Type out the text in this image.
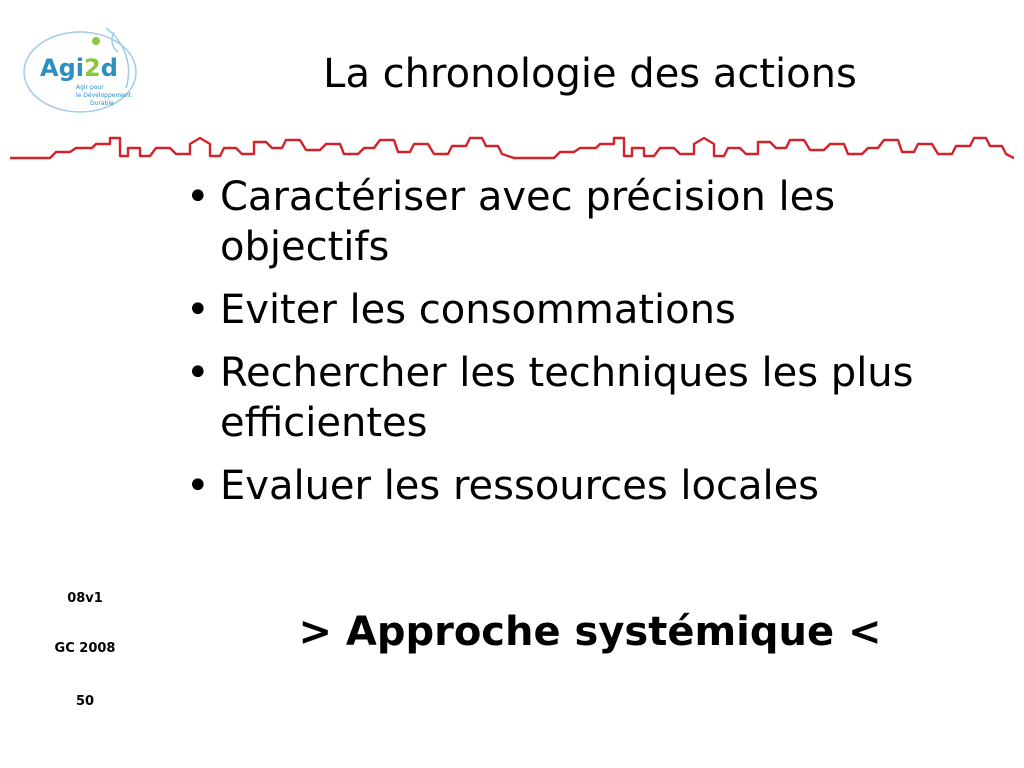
Agi2d
Agir pour
le Développement
Durable
La chronologie des actions
• Caractériser avec précision les objectifs
• Eviter les consommations
• Rechercher les techniques les plus efficientes
• Evaluer les ressources locales
> Approche systémique <
08v1
GC 2008
50
